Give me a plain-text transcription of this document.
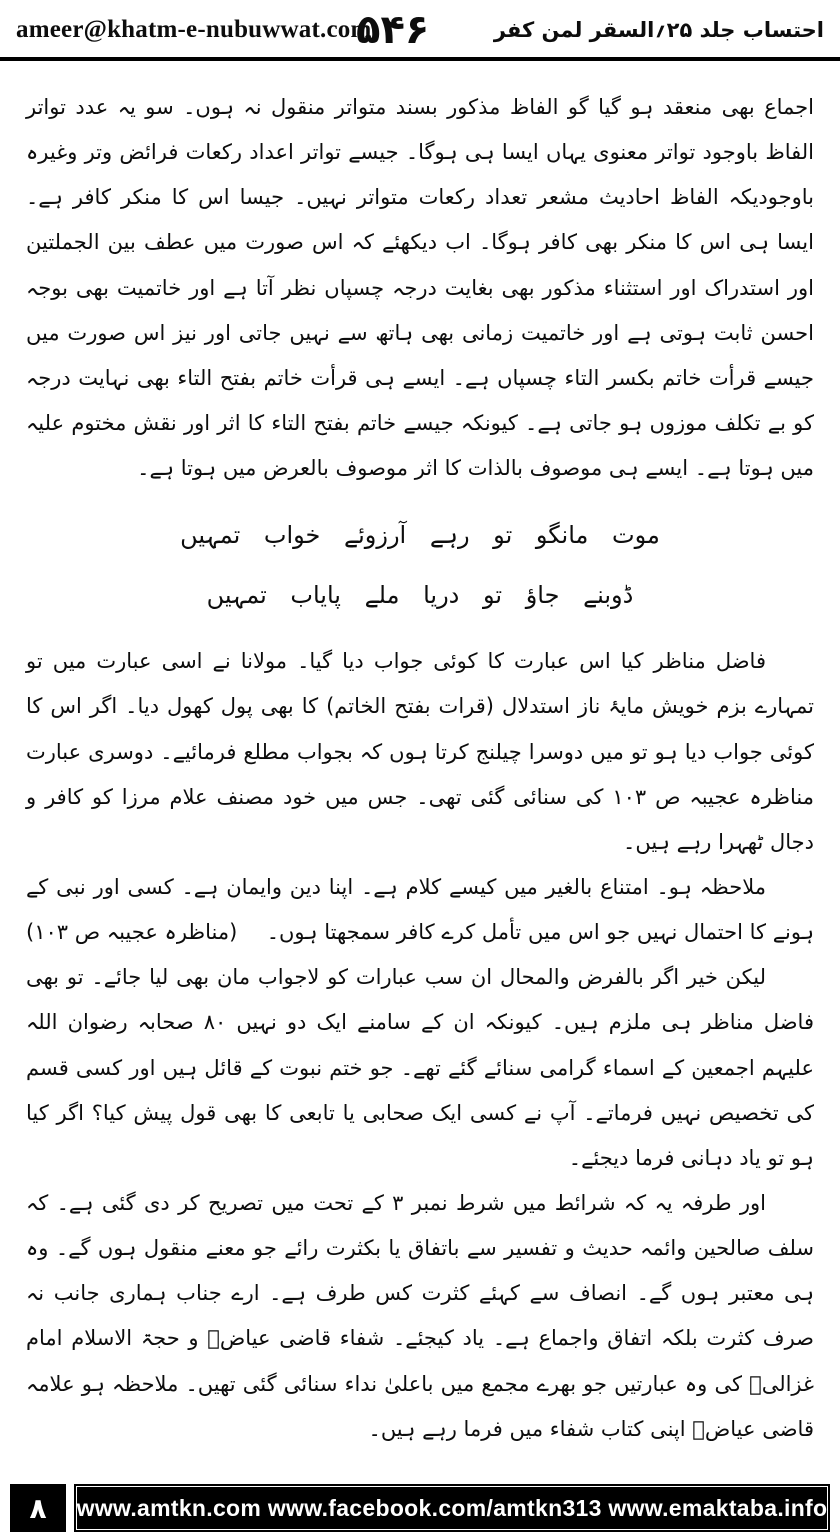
ameer@khatm-e-nubuwwat.com
۵۴۶	احتساب جلد ۲۵؍السقر لمن کفر

اجماع بھی منعقد ہو گیا گو الفاظ مذکور بسند متواتر منقول نہ ہوں۔ سو یہ عدد تواتر الفاظ باوجود تواتر معنوی یہاں ایسا ہی ہوگا۔ جیسے تواتر اعداد رکعات فرائض وتر وغیرہ باوجودیکہ الفاظ احادیث مشعر تعداد رکعات متواتر نہیں۔ جیسا اس کا منکر کافر ہے۔ ایسا ہی اس کا منکر بھی کافر ہوگا۔ اب دیکھئے کہ اس صورت میں عطف بین الجملتین اور استدراک اور استثناء مذکور بھی بغایت درجہ چسپاں نظر آتا ہے اور خاتمیت بھی بوجہ احسن ثابت ہوتی ہے اور خاتمیت زمانی بھی ہاتھ سے نہیں جاتی اور نیز اس صورت میں جیسے قرأت خاتم بکسر التاء چسپاں ہے۔ ایسے ہی قرأت خاتم بفتح التاء بھی نہایت درجہ کو بے تکلف موزوں ہو جاتی ہے۔ کیونکہ جیسے خاتم بفتح التاء کا اثر اور نقش مختوم علیہ میں ہوتا ہے۔ ایسے ہی موصوف بالذات کا اثر موصوف بالعرض میں ہوتا ہے۔

موت مانگو تو رہے آرزوئے خواب تمہیں
ڈوبنے جاؤ تو دریا ملے پایاب تمہیں

فاضل مناظر کیا اس عبارت کا کوئی جواب دیا گیا۔ مولانا نے اسی عبارت میں تو تمہارے بزم خویش مایۂ ناز استدلال (قرات بفتح الخاتم) کا بھی پول کھول دیا۔ اگر اس کا کوئی جواب دیا ہو تو میں دوسرا چیلنج کرتا ہوں کہ بجواب مطلع فرمائیے۔ دوسری عبارت مناظرہ عجیبہ ص ۱۰۳ کی سنائی گئی تھی۔ جس میں خود مصنف علام مرزا کو کافر و دجال ٹھہرا رہے ہیں۔

ملاحظہ ہو۔ امتناع بالغیر میں کیسے کلام ہے۔ اپنا دین وایمان ہے۔ کسی اور نبی کے ہونے کا احتمال نہیں جو اس میں تأمل کرے کافر سمجھتا ہوں۔
(مناظرہ عجیبہ ص ۱۰۳)

لیکن خیر اگر بالفرض والمحال ان سب عبارات کو لاجواب مان بھی لیا جائے۔ تو بھی فاضل مناظر ہی ملزم ہیں۔ کیونکہ ان کے سامنے ایک دو نہیں ۸۰ صحابہ رضوان اللہ علیہم اجمعین کے اسماء گرامی سنائے گئے تھے۔ جو ختم نبوت کے قائل ہیں اور کسی قسم کی تخصیص نہیں فرماتے۔ آپ نے کسی ایک صحابی یا تابعی کا بھی قول پیش کیا؟ اگر کیا ہو تو یاد دہانی فرما دیجئے۔

اور طرفہ یہ کہ شرائط میں شرط نمبر ۳ کے تحت میں تصریح کر دی گئی ہے۔ کہ سلف صالحین وائمہ حدیث و تفسیر سے باتفاق یا بکثرت رائے جو معنے منقول ہوں گے۔ وہ ہی معتبر ہوں گے۔ انصاف سے کہئے کثرت کس طرف ہے۔ ارے جناب ہماری جانب نہ صرف کثرت بلکہ اتفاق واجماع ہے۔ یاد کیجئے۔ شفاء قاضی عیاضؒ و حجۃ الاسلام امام غزالیؒ کی وہ عبارتیں جو بھرے مجمع میں باعلیٰ نداء سنائی گئی تھیں۔ ملاحظہ ہو علامہ قاضی عیاضؒ اپنی کتاب شفاء میں فرما رہے ہیں۔

۸	www.amtkn.com www.facebook.com/amtkn313 www.emaktaba.info
